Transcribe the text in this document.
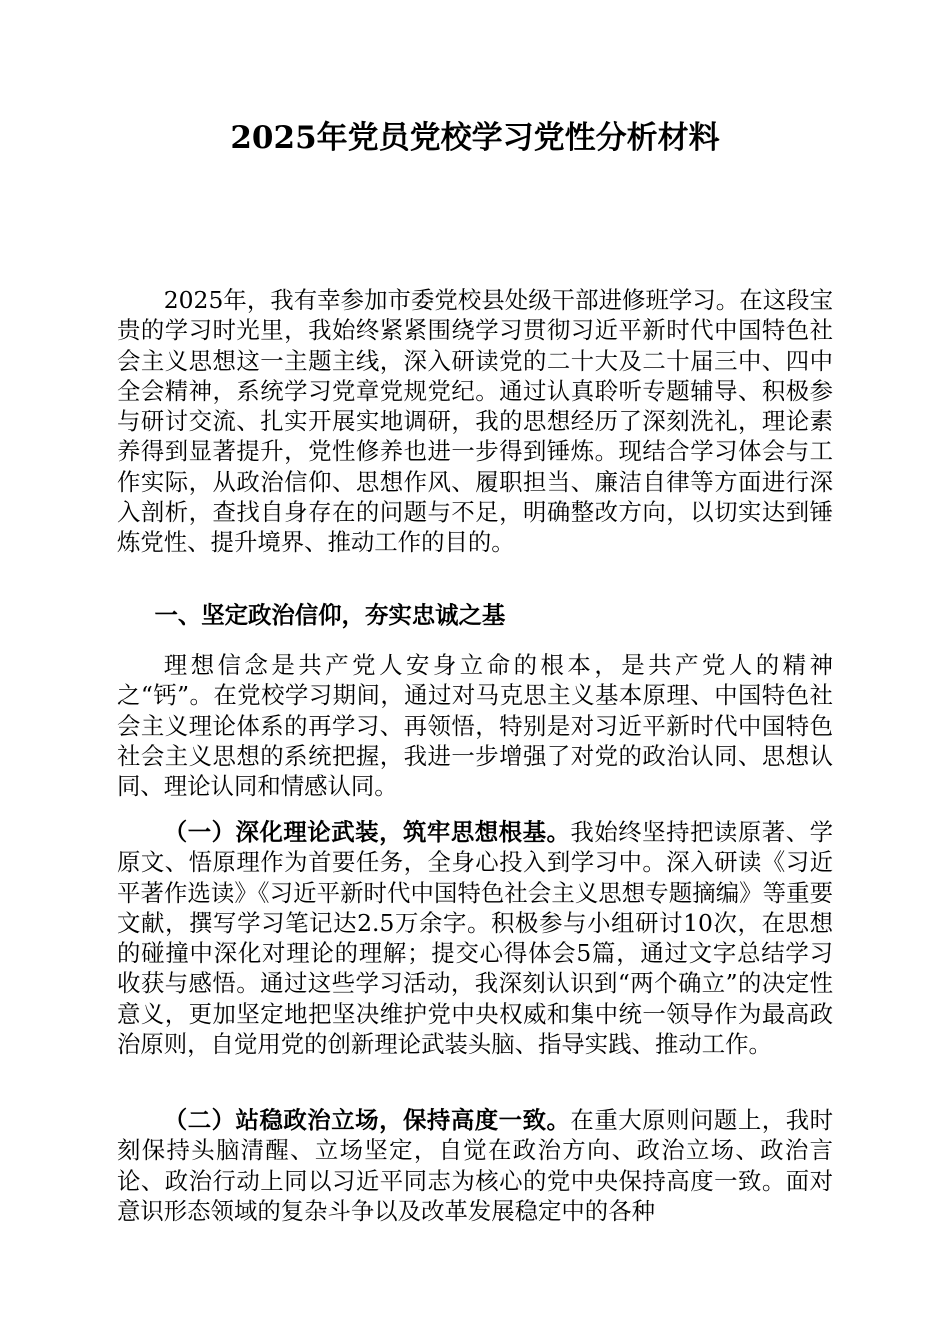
2025年党员党校学习党性分析材料

2025年，我有幸参加市委党校县处级干部进修班学习。在这段宝贵的学习时光里，我始终紧紧围绕学习贯彻习近平新时代中国特色社会主义思想这一主题主线，深入研读党的二十大及二十届三中、四中全会精神，系统学习党章党规党纪。通过认真聆听专题辅导、积极参与研讨交流、扎实开展实地调研，我的思想经历了深刻洗礼，理论素养得到显著提升，党性修养也进一步得到锤炼。现结合学习体会与工作实际，从政治信仰、思想作风、履职担当、廉洁自律等方面进行深入剖析，查找自身存在的问题与不足，明确整改方向，以切实达到锤炼党性、提升境界、推动工作的目的。

一、坚定政治信仰，夯实忠诚之基

理想信念是共产党人安身立命的根本，是共产党人的精神之“钙”。在党校学习期间，通过对马克思主义基本原理、中国特色社会主义理论体系的再学习、再领悟，特别是对习近平新时代中国特色社会主义思想的系统把握，我进一步增强了对党的政治认同、思想认同、理论认同和情感认同。

（一）深化理论武装，筑牢思想根基。我始终坚持把读原著、学原文、悟原理作为首要任务，全身心投入到学习中。深入研读《习近平著作选读》《习近平新时代中国特色社会主义思想专题摘编》等重要文献，撰写学习笔记达2.5万余字。积极参与小组研讨10次，在思想的碰撞中深化对理论的理解；提交心得体会5篇，通过文字总结学习收获与感悟。通过这些学习活动，我深刻认识到“两个确立”的决定性意义，更加坚定地把坚决维护党中央权威和集中统一领导作为最高政治原则，自觉用党的创新理论武装头脑、指导实践、推动工作。

（二）站稳政治立场，保持高度一致。在重大原则问题上，我时刻保持头脑清醒、立场坚定，自觉在政治方向、政治立场、政治言论、政治行动上同以习近平同志为核心的党中央保持高度一致。面对意识形态领域的复杂斗争以及改革发展稳定中的各种
